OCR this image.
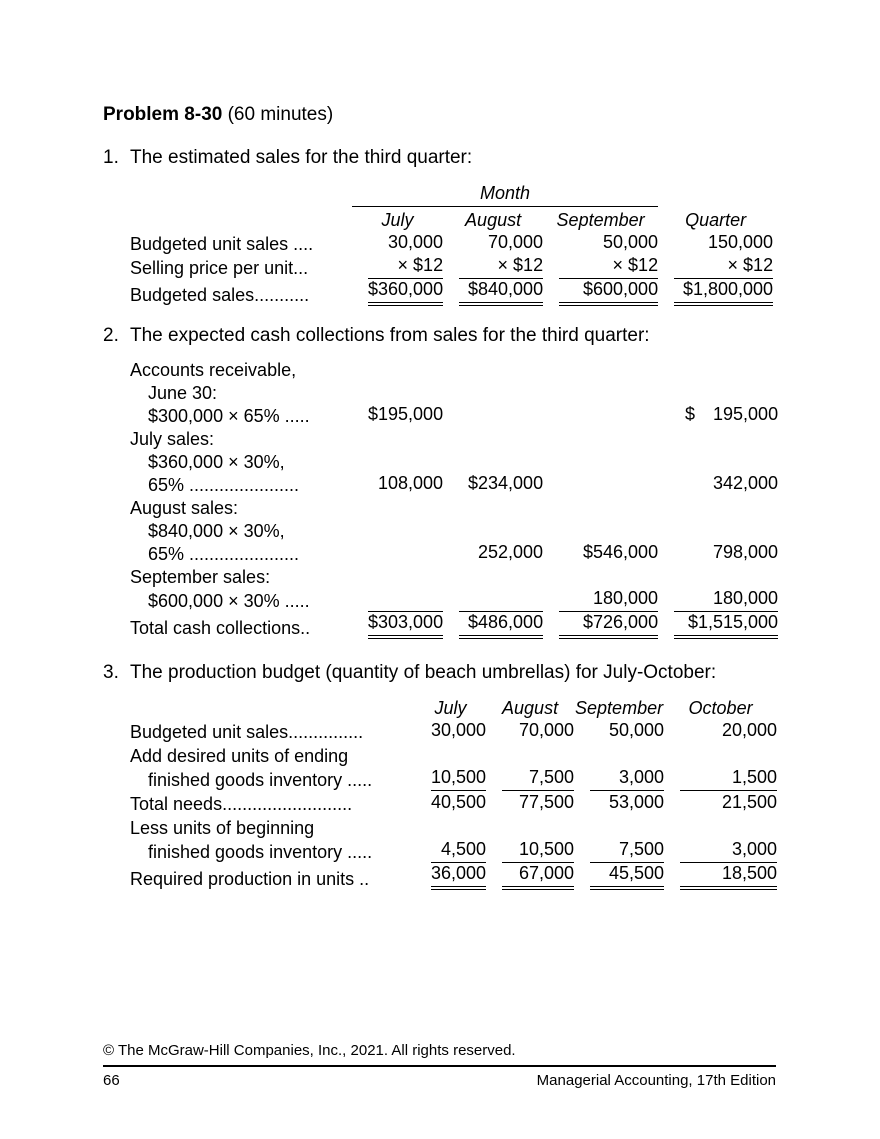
Problem 8-30 (60 minutes)
1. The estimated sales for the third quarter:
	Month			
	July	August	September	Quarter
Budgeted unit sales ....	30,000	70,000	50,000	150,000

Selling price per unit...	× $12	× $12	× $12	× $12

Budgeted sales...........	$360,000	$840,000	$600,000	$1,800,000
2. The expected cash collections from sales for the third quarter:
Accounts receivable,				
June 30:				
$300,000 × 65% .....	$195,000			$  195,000

July sales:				
$360,000 × 30%,				
65% ......................	108,000	$234,000		342,000

August sales:				
$840,000 × 30%,				
65% ......................		252,000	$546,000	798,000

September sales:				
$600,000 × 30% .....			180,000	180,000

Total cash collections..	$303,000	$486,000	$726,000	$1,515,000
3. The production budget (quantity of beach umbrellas) for July-October:
	July	August	September	October
Budgeted unit sales...............	30,000	70,000	50,000	20,000

Add desired units of ending				
finished goods inventory .....	10,500	7,500	3,000	1,500

Total needs..........................	40,500	77,500	53,000	21,500

Less units of beginning				
finished goods inventory .....	4,500	10,500	7,500	3,000

Required production in units ..	36,000	67,000	45,500	18,500
© The McGraw-Hill Companies, Inc., 2021. All rights reserved.
66	Managerial Accounting, 17th Edition
